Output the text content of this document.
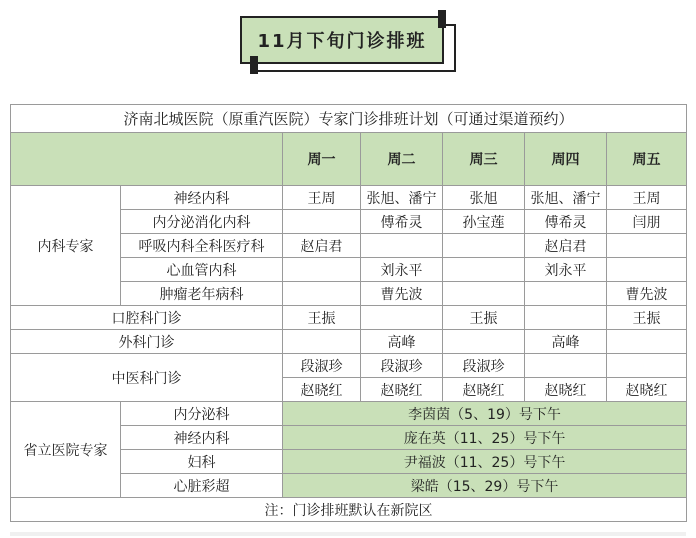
11月下旬门诊排班
济南北城医院（原重汽医院）专家门诊排班计划（可通过渠道预约）						
		周一	周二	周三	周四	周五
内科专家	神经内科	王周	张旭、潘宁	张旭	张旭、潘宁	王周
	内分泌消化内科		傅希灵	孙宝莲	傅希灵	闫朋
	呼吸内科全科医疗科	赵启君			赵启君	
	心血管内科		刘永平		刘永平	
	肿瘤老年病科		曹先波			曹先波
口腔科门诊		王振		王振		王振
外科门诊			高峰		高峰	
中医科门诊		段淑珍	段淑珍	段淑珍		
		赵晓红	赵晓红	赵晓红	赵晓红	赵晓红
省立医院专家	内分泌科	李茵茵（5、19）号下午				
	神经内科	庞在英（11、25）号下午				
	妇科	尹福波（11、25）号下午				
	心脏彩超	梁皓（15、29）号下午				
注：门诊排班默认在新院区						
